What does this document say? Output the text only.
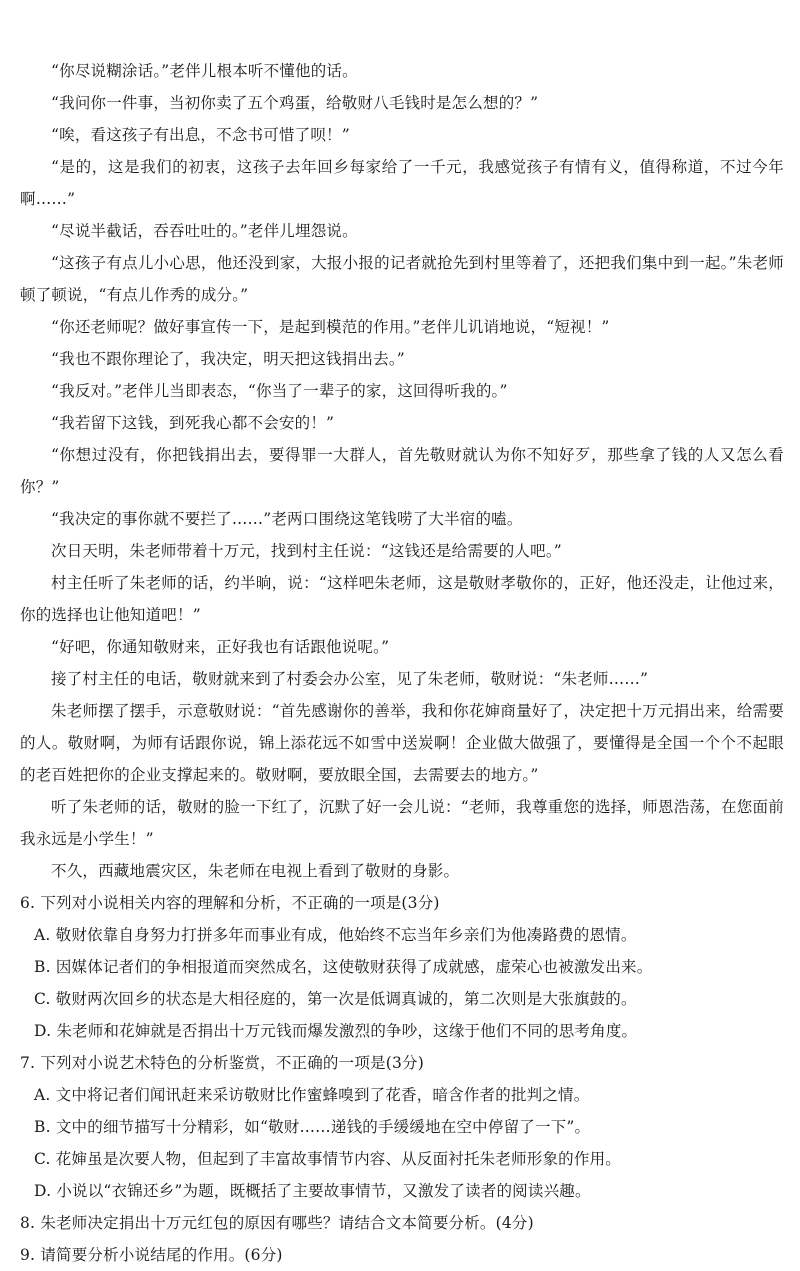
“你尽说糊涂话。”老伴儿根本听不懂他的话。

“我问你一件事，当初你卖了五个鸡蛋，给敬财八毛钱时是怎么想的？”

“唉，看这孩子有出息，不念书可惜了呗！”

“是的，这是我们的初衷，这孩子去年回乡每家给了一千元，我感觉孩子有情有义，值得称道，不过今年啊……”

“尽说半截话，吞吞吐吐的。”老伴儿埋怨说。

“这孩子有点儿小心思，他还没到家，大报小报的记者就抢先到村里等着了，还把我们集中到一起。”朱老师顿了顿说，“有点儿作秀的成分。”

“你还老师呢？做好事宣传一下，是起到模范的作用。”老伴儿讥诮地说，“短视！”

“我也不跟你理论了，我决定，明天把这钱捐出去。”

“我反对。”老伴儿当即表态，“你当了一辈子的家，这回得听我的。”

“我若留下这钱，到死我心都不会安的！”

“你想过没有，你把钱捐出去，要得罪一大群人，首先敬财就认为你不知好歹，那些拿了钱的人又怎么看你？”

“我决定的事你就不要拦了……”老两口围绕这笔钱唠了大半宿的嗑。

次日天明，朱老师带着十万元，找到村主任说：“这钱还是给需要的人吧。”

村主任听了朱老师的话，约半晌，说：“这样吧朱老师，这是敬财孝敬你的，正好，他还没走，让他过来，你的选择也让他知道吧！”

“好吧，你通知敬财来，正好我也有话跟他说呢。”

接了村主任的电话，敬财就来到了村委会办公室，见了朱老师，敬财说：“朱老师……”

朱老师摆了摆手，示意敬财说：“首先感谢你的善举，我和你花婶商量好了，决定把十万元捐出来，给需要的人。敬财啊，为师有话跟你说，锦上添花远不如雪中送炭啊！企业做大做强了，要懂得是全国一个个不起眼的老百姓把你的企业支撑起来的。敬财啊，要放眼全国，去需要去的地方。”

听了朱老师的话，敬财的脸一下红了，沉默了好一会儿说：“老师，我尊重您的选择，师恩浩荡，在您面前我永远是小学生！”

不久，西藏地震灾区，朱老师在电视上看到了敬财的身影。

6. 下列对小说相关内容的理解和分析，不正确的一项是(3分)

A. 敬财依靠自身努力打拼多年而事业有成，他始终不忘当年乡亲们为他凑路费的恩情。

B. 因媒体记者们的争相报道而突然成名，这使敬财获得了成就感，虚荣心也被激发出来。

C. 敬财两次回乡的状态是大相径庭的，第一次是低调真诚的，第二次则是大张旗鼓的。

D. 朱老师和花婶就是否捐出十万元钱而爆发激烈的争吵，这缘于他们不同的思考角度。

7. 下列对小说艺术特色的分析鉴赏，不正确的一项是(3分)

A. 文中将记者们闻讯赶来采访敬财比作蜜蜂嗅到了花香，暗含作者的批判之情。

B. 文中的细节描写十分精彩，如“敬财……递钱的手缓缓地在空中停留了一下”。

C. 花婶虽是次要人物，但起到了丰富故事情节内容、从反面衬托朱老师形象的作用。

D. 小说以“衣锦还乡”为题，既概括了主要故事情节，又激发了读者的阅读兴趣。

8. 朱老师决定捐出十万元红包的原因有哪些？请结合文本简要分析。(4分)

9. 请简要分析小说结尾的作用。(6分)
